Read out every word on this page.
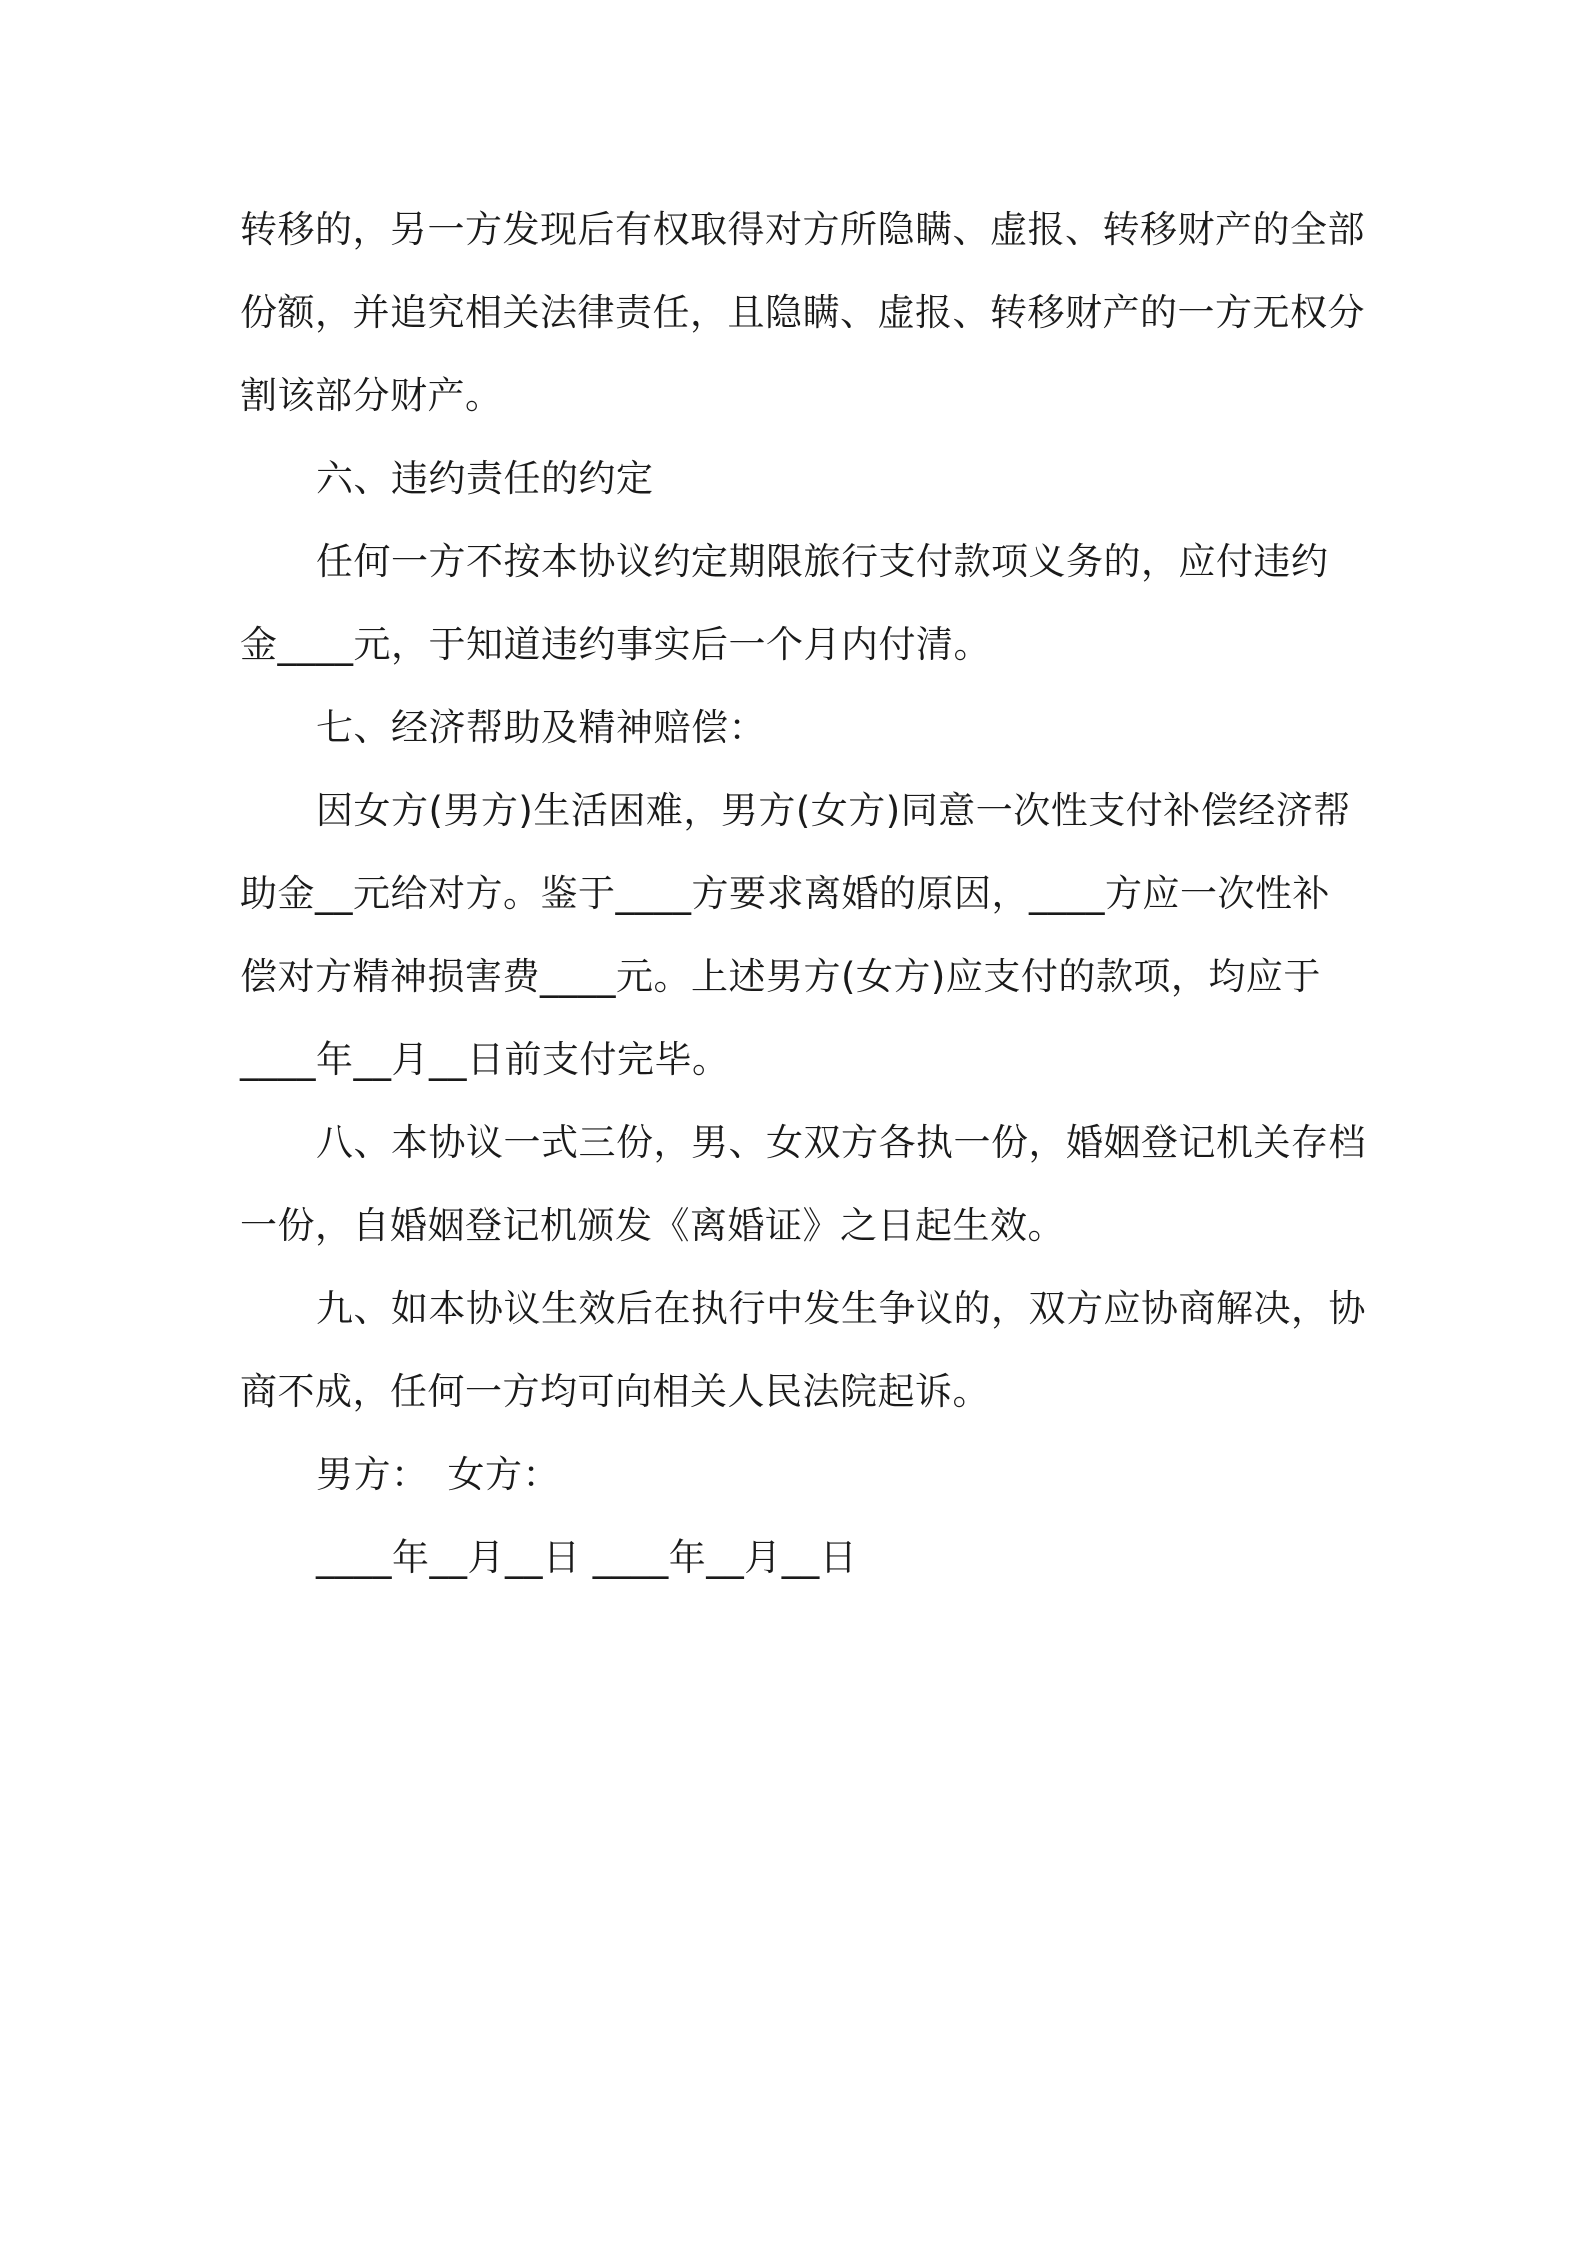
转移的，另一方发现后有权取得对方所隐瞒、虚报、转移财产的全部
份额，并追究相关法律责任，且隐瞒、虚报、转移财产的一方无权分
割该部分财产。
六、违约责任的约定
任何一方不按本协议约定期限旅行支付款项义务的，应付违约
金____元，于知道违约事实后一个月内付清。
七、经济帮助及精神赔偿：
因女方(男方)生活困难，男方(女方)同意一次性支付补偿经济帮
助金__元给对方。鉴于____方要求离婚的原因，____方应一次性补
偿对方精神损害费____元。上述男方(女方)应支付的款项，均应于
____年__月__日前支付完毕。
八、本协议一式三份，男、女双方各执一份，婚姻登记机关存档
一份，自婚姻登记机颁发《离婚证》之日起生效。
九、如本协议生效后在执行中发生争议的，双方应协商解决，协
商不成，任何一方均可向相关人民法院起诉。
男方：　女方：
____年__月__日 ____年__月__日
